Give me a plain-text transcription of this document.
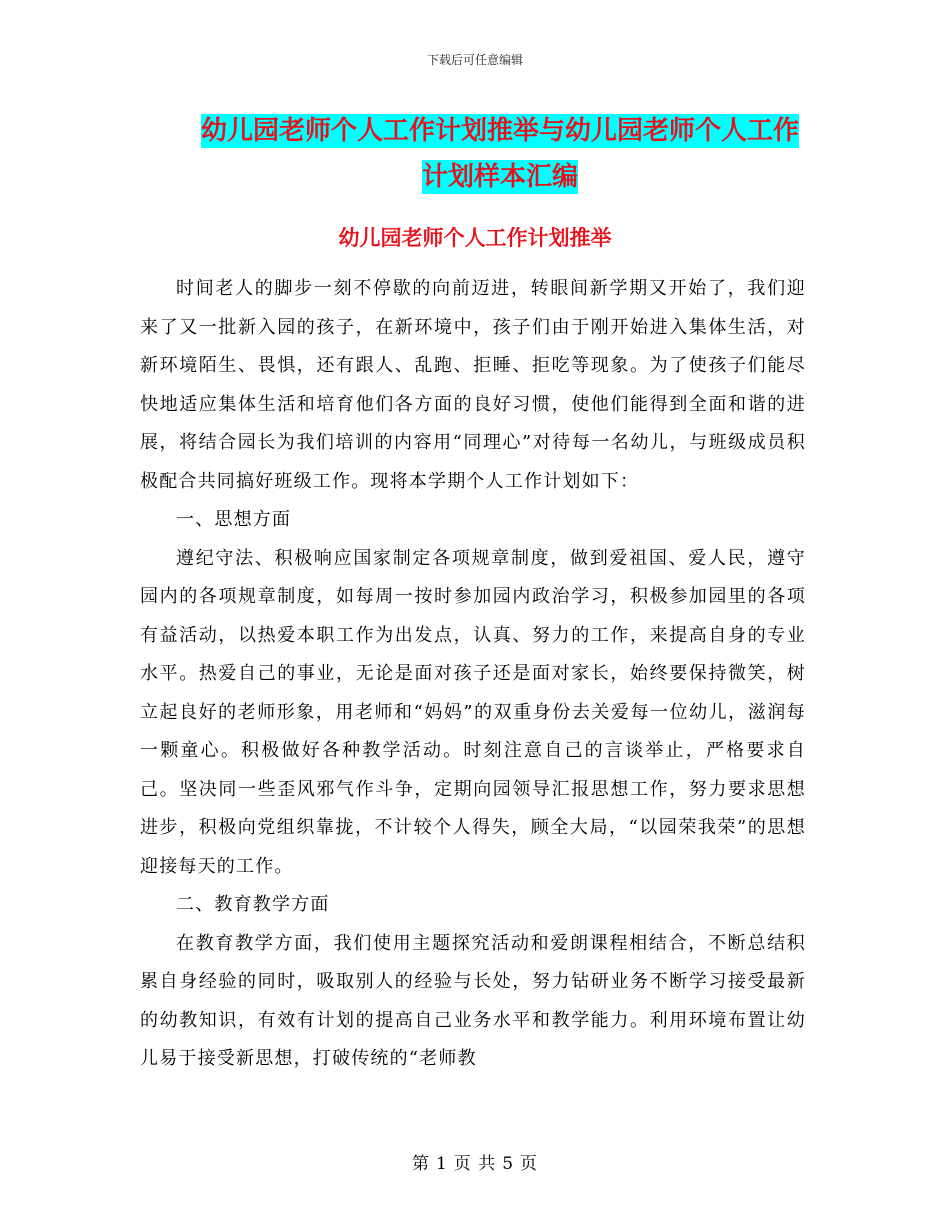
下载后可任意编辑
幼儿园老师个人工作计划推举与幼儿园老师个人工作
计划样本汇编
幼儿园老师个人工作计划推举

时间老人的脚步一刻不停歇的向前迈进，转眼间新学期又开始了，我们迎来了又一批新入园的孩子，在新环境中，孩子们由于刚开始进入集体生活，对新环境陌生、畏惧，还有跟人、乱跑、拒睡、拒吃等现象。为了使孩子们能尽快地适应集体生活和培育他们各方面的良好习惯，使他们能得到全面和谐的进展，将结合园长为我们培训的内容用“同理心”对待每一名幼儿，与班级成员积极配合共同搞好班级工作。现将本学期个人工作计划如下：

一、思想方面

遵纪守法、积极响应国家制定各项规章制度，做到爱祖国、爱人民，遵守园内的各项规章制度，如每周一按时参加园内政治学习，积极参加园里的各项有益活动，以热爱本职工作为出发点，认真、努力的工作，来提高自身的专业水平。热爱自己的事业，无论是面对孩子还是面对家长，始终要保持微笑，树立起良好的老师形象，用老师和“妈妈”的双重身份去关爱每一位幼儿，滋润每一颗童心。积极做好各种教学活动。时刻注意自己的言谈举止，严格要求自己。坚决同一些歪风邪气作斗争，定期向园领导汇报思想工作，努力要求思想进步，积极向党组织靠拢，不计较个人得失，顾全大局，“以园荣我荣”的思想迎接每天的工作。

二、教育教学方面

在教育教学方面，我们使用主题探究活动和爱朗课程相结合，不断总结积累自身经验的同时，吸取别人的经验与长处，努力钻研业务不断学习接受最新的幼教知识，有效有计划的提高自己业务水平和教学能力。利用环境布置让幼儿易于接受新思想，打破传统的“老师教

第 1 页 共 5 页
